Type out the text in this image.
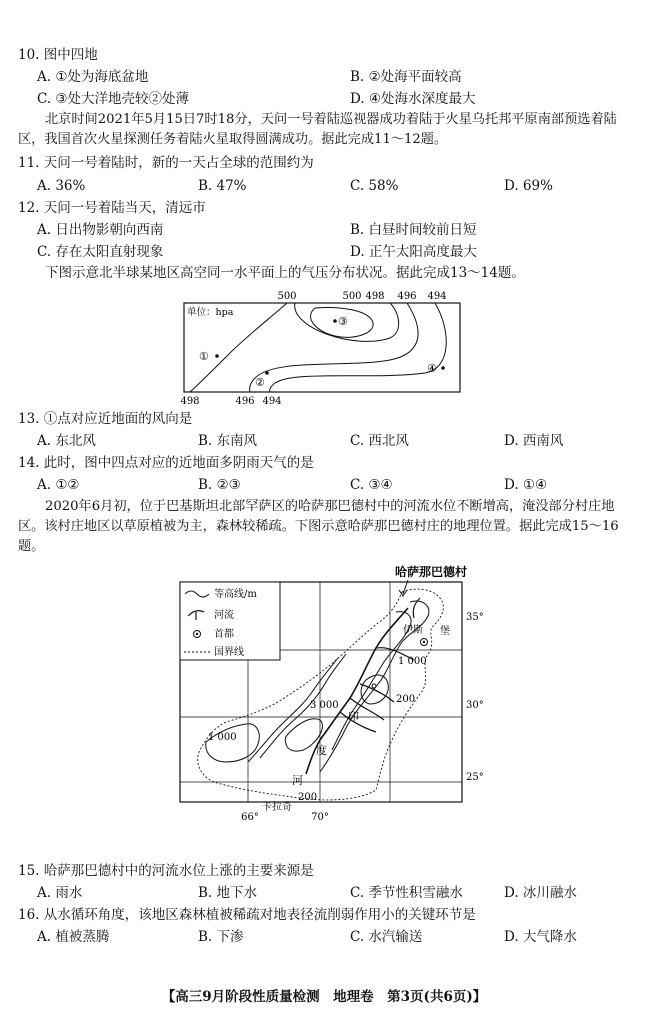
10. 图中四地
A. ①处为海底盆地	B. ②处海平面较高
C. ③处大洋地壳较②处薄	D. ④处海水深度最大
北京时间2021年5月15日7时18分，天问一号着陆巡视器成功着陆于火星乌托邦平原南部预选着陆区，我国首次火星探测任务着陆火星取得圆满成功。据此完成11～12题。
11. 天问一号着陆时，新的一天占全球的范围约为
A. 36%	B. 47%	C. 58%	D. 69%
12. 天问一号着陆当天，清远市
A. 日出物影朝向西南	B. 白昼时间较前日短
C. 存在太阳直射现象	D. 正午太阳高度最大
下图示意北半球某地区高空同一水平面上的气压分布状况。据此完成13～14题。
500	500 498 496 494
单位：hpa
①
②
③
④
498	496 494
13. ①点对应近地面的风向是
A. 东北风	B. 东南风	C. 西北风	D. 西南风
14. 此时，图中四点对应的近地面多阴雨天气的是
A. ①②	B. ②③	C. ③④	D. ①④
2020年6月初，位于巴基斯坦北部罕萨区的哈萨那巴德村中的河流水位不断增高，淹没部分村庄地区。该村庄地区以草原植被为主，森林较稀疏。下图示意哈萨那巴德村庄的地理位置。据此完成15～16题。
哈萨那巴德村
等高线/m
河流
首都
国界线
伊斯 堡
1 000
200
3 000
1 000
200
印
度
河
卡拉奇
35°
30°
25°
66°	70°
15. 哈萨那巴德村中的河流水位上涨的主要来源是
A. 雨水	B. 地下水	C. 季节性积雪融水	D. 冰川融水
16. 从水循环角度，该地区森林植被稀疏对地表径流削弱作用小的关键环节是
A. 植被蒸腾	B. 下渗	C. 水汽输送	D. 大气降水
【高三9月阶段性质量检测　地理卷　第3页(共6页)】
